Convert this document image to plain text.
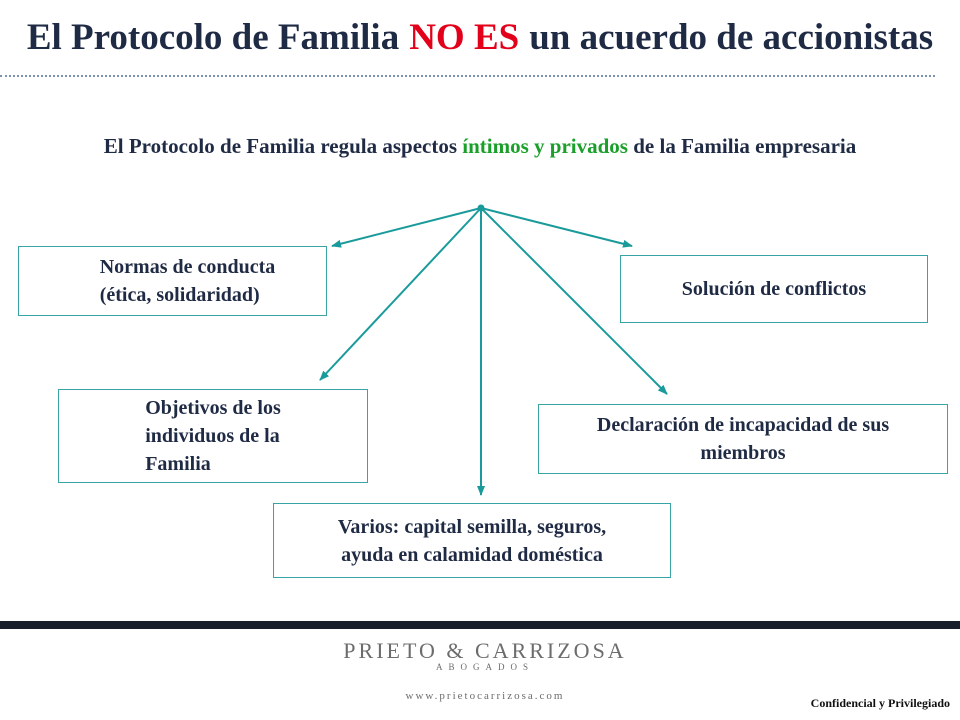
El Protocolo de Familia NO ES un acuerdo de accionistas
El Protocolo de Familia regula aspectos íntimos y privados de la Familia empresaria
Normas de conducta
(ética, solidaridad)	Solución de conflictos
Objetivos de los
individuos de la
Familia
Declaración de incapacidad de sus
miembros
Varios: capital semilla, seguros,
ayuda en calamidad doméstica
PRIETO & CARRIZOSA
ABOGADOS
www.prietocarrizosa.com	Confidencial y Privilegiado
